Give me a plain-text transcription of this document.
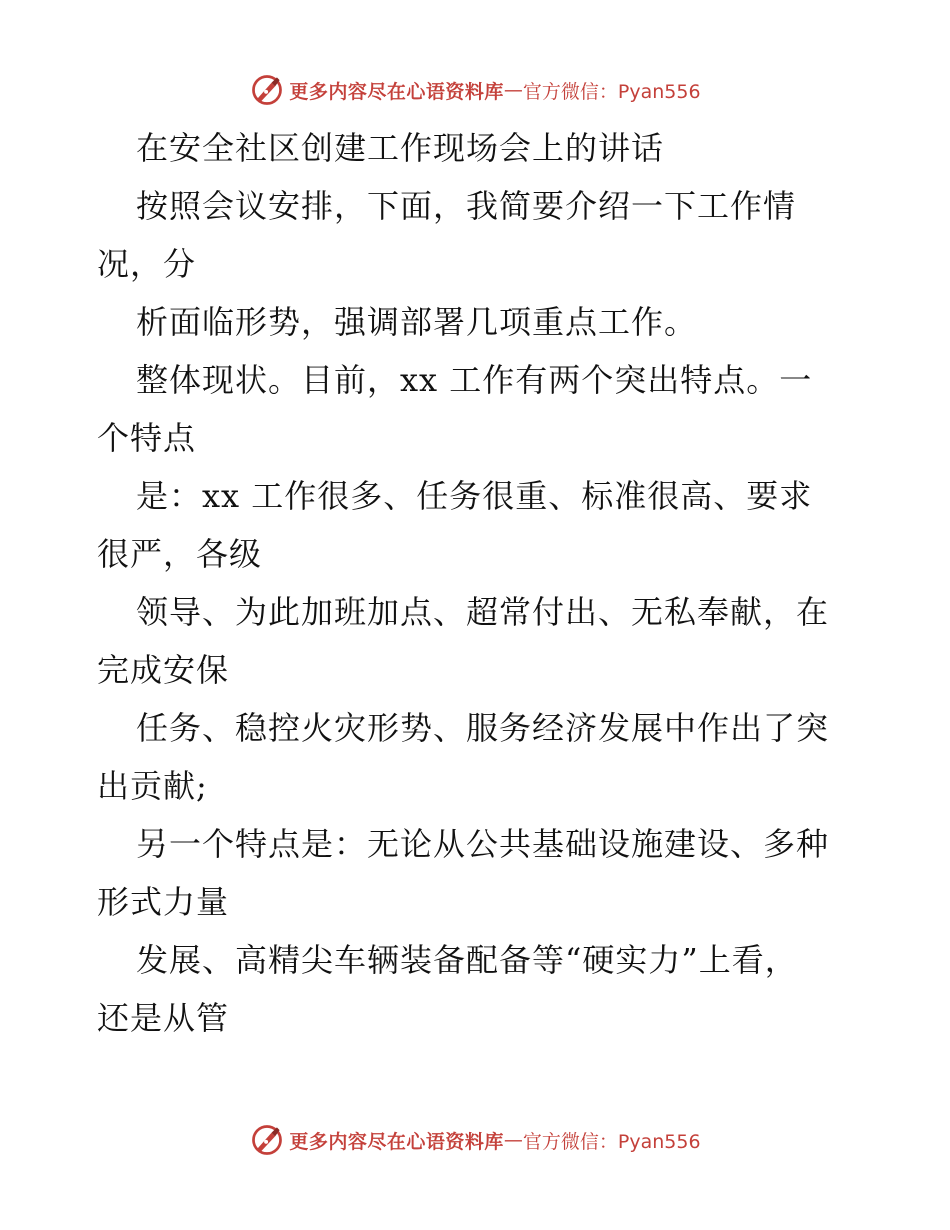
更多内容尽在心语资料库 — 官方微信：Pyan556
在安全社区创建工作现场会上的讲话
按照会议安排，下面，我简要介绍一下工作情
况，分
析面临形势，强调部署几项重点工作。
整体现状。目前，xx 工作有两个突出特点。一
个特点
是：xx 工作很多、任务很重、标准很高、要求
很严，各级
领导、为此加班加点、超常付出、无私奉献，在
完成安保
任务、稳控火灾形势、服务经济发展中作出了突
出贡献;
另一个特点是：无论从公共基础设施建设、多种
形式力量
发展、高精尖车辆装备配备等“硬实力”上看，
还是从管
更多内容尽在心语资料库 — 官方微信：Pyan556
